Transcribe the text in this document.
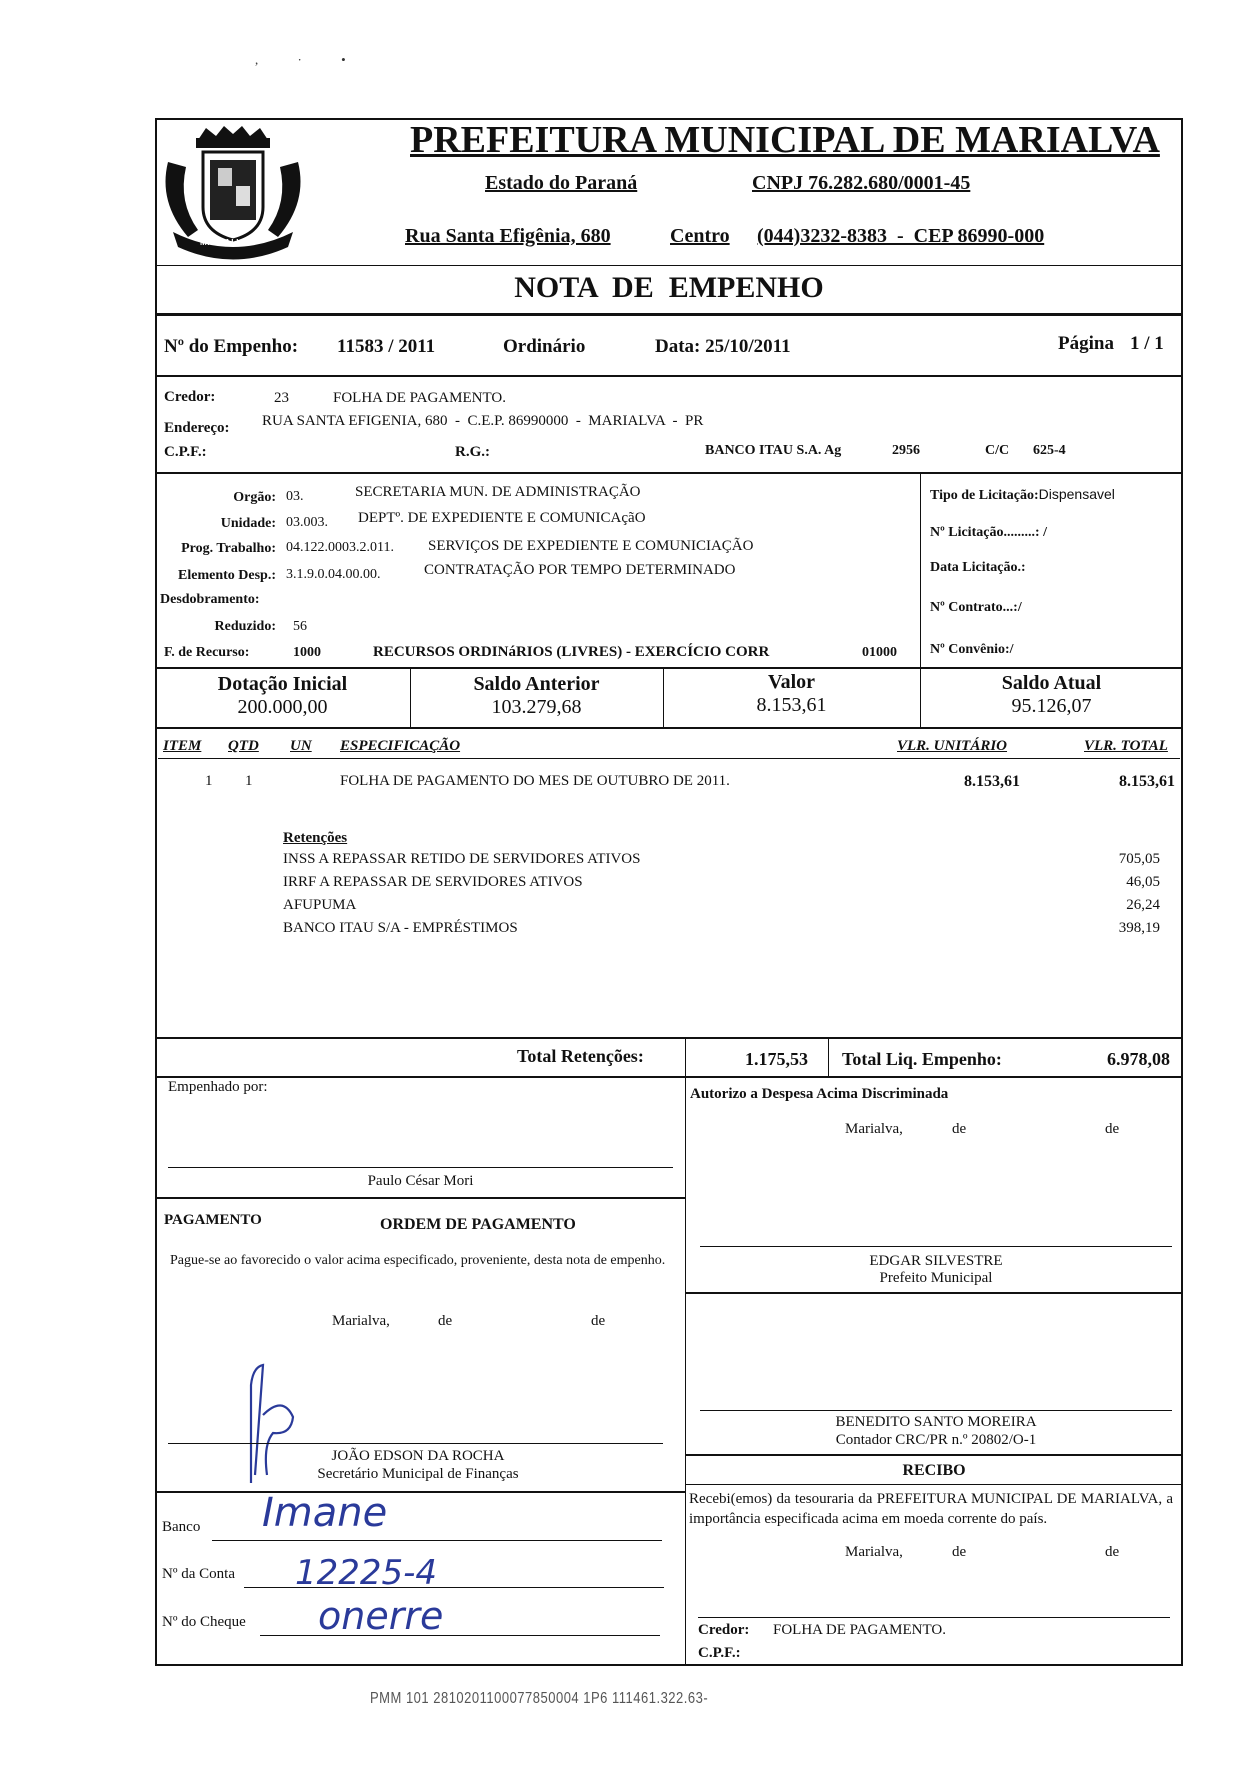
, · •
MARIALVA
PREFEITURA MUNICIPAL DE MARIALVA
Estado do Paraná	CNPJ 76.282.680/0001-45
Rua Santa Efigênia, 680	Centro (044)3232-8383  -  CEP 86990-000
NOTA  DE  EMPENHO
Nº do Empenho: 11583 / 2011	Ordinário	Data: 25/10/2011	Página 1 / 1
Credor:	23	FOLHA DE PAGAMENTO.
Endereço: RUA SANTA EFIGENIA, 680  -  C.E.P. 86990000  -  MARIALVA  -  PR
C.P.F.:	R.G.:	BANCO ITAU S.A. Ag	2956	C/C 625-4
Orgão: 03.	SECRETARIA MUN. DE ADMINISTRAÇÃO
Unidade: 03.003. DEPTº. DE EXPEDIENTE E COMUNICAçãO
Prog. Trabalho: 04.122.0003.2.011. SERVIÇOS DE EXPEDIENTE E COMUNICIAÇÃO
Elemento Desp.: 3.1.9.0.04.00.00.	CONTRATAÇÃO POR TEMPO DETERMINADO
Desdobramento:
Reduzido: 56
F. de Recurso:	1000	RECURSOS ORDINáRIOS (LIVRES) - EXERCÍCIO CORR	01000
Tipo de Licitação:Dispensavel
Nº Licitação.........: /
Data Licitação.:
Nº Contrato...:/
Nº Convênio:/
Dotação Inicial
200.000,00
Saldo Anterior
103.279,68
Valor
8.153,61
Saldo Atual
95.126,07
ITEM QTD UN ESPECIFICAÇÃO	VLR. UNITÁRIO	VLR. TOTAL
1 1	FOLHA DE PAGAMENTO DO MES DE OUTUBRO DE 2011.	8.153,61	8.153,61
Retenções
INSS A REPASSAR RETIDO DE SERVIDORES ATIVOS	705,05
IRRF A REPASSAR DE SERVIDORES ATIVOS	46,05
AFUPUMA	26,24
BANCO ITAU S/A - EMPRÉSTIMOS	398,19
Total Retenções:	1.175,53 Total Liq. Empenho:	6.978,08
Empenhado por:
Paulo César Mori
Autorizo a Despesa Acima Discriminada
Marialva,	de	de
EDGAR SILVESTRE
Prefeito Municipal
PAGAMENTO	ORDEM DE PAGAMENTO
Pague-se ao favorecido o valor acima especificado, proveniente, desta nota de empenho.
Marialva,	de	de
JOÃO EDSON DA ROCHA
Secretário Municipal de Finanças
BENEDITO SANTO MOREIRA
Contador CRC/PR n.º 20802/O-1
RECIBO
Recebi(emos) da tesouraria da PREFEITURA MUNICIPAL DE MARIALVA, a importância especificada acima em moeda corrente do país.
Marialva,	de	de
Credor: FOLHA DE PAGAMENTO.
C.P.F.:
Banco Imane
Nº da Conta 12225-4
Nº do Cheque onerre
PMM 101 2810201100077850004 1P6 111461.322.63-
